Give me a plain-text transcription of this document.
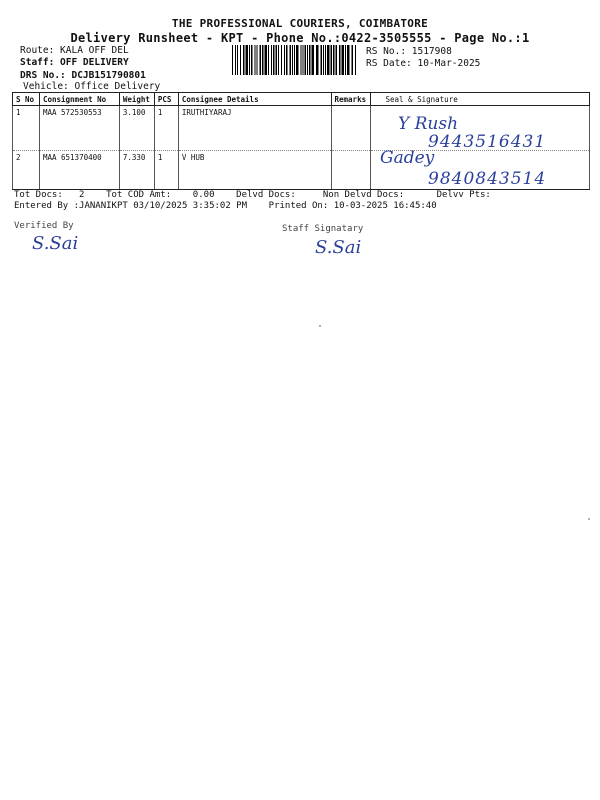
THE PROFESSIONAL COURIERS, COIMBATORE
Delivery Runsheet - KPT - Phone No.:0422-3505555 - Page No.:1
Route: KALA OFF DEL
Staff: OFF DELIVERY
DRS No.: DCJB151790801
Vehicle: Office Delivery
RS No.: 1517908
RS Date: 10-Mar-2025
S No	Consignment No	Weight	PCS	Consignee Details	Remarks	Seal & Signature
1	MAA 572530553	3.100	1	IRUTHIYARAJ		
2	MAA 651370400	7.330	1	V HUB		
Y Rush
9443516431
Gadey
9840843514
Tot Docs:   2    Tot COD Amt:    0.00    Delvd Docs:     Non Delvd Docs:      Delvv Pts:
Entered By :JANANIKPT 03/10/2025 3:35:02 PM    Printed On: 10-03-2025 16:45:40
Verified By
S.Sai
Staff Signatary
S.Sai
